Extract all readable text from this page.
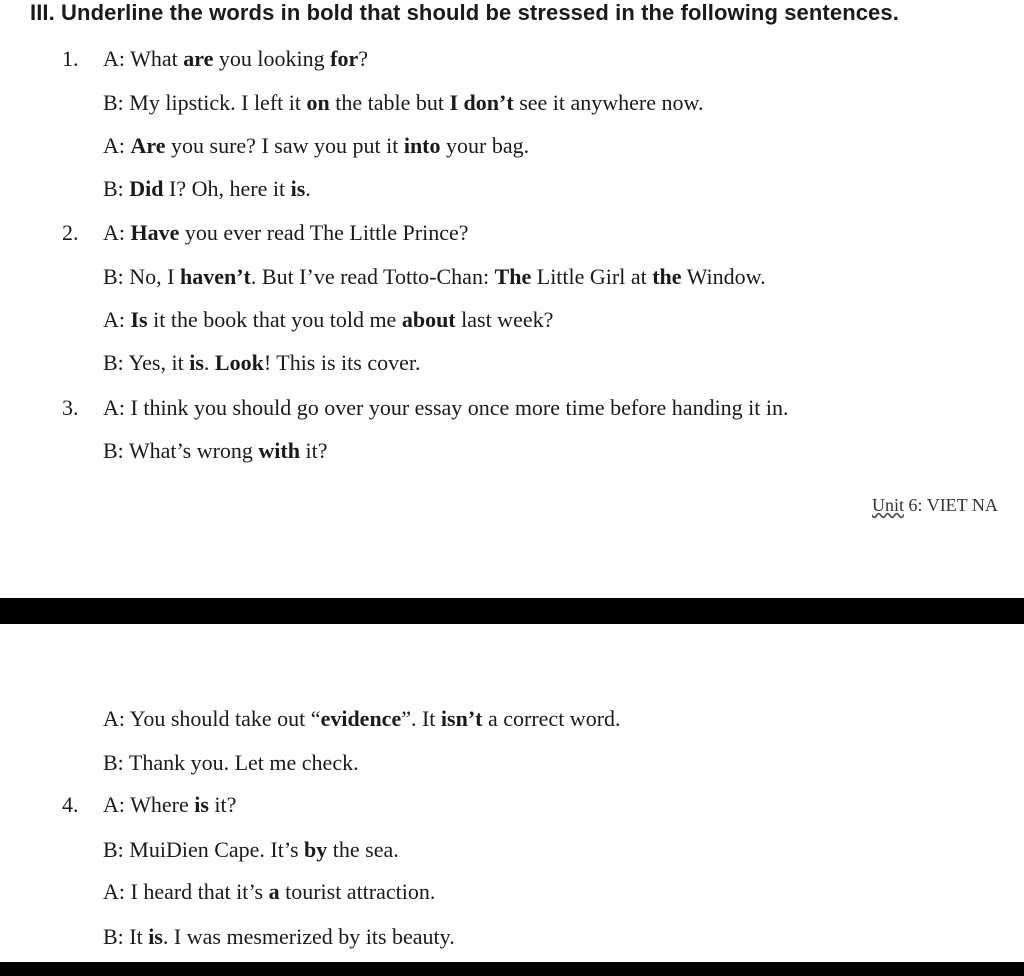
III. Underline the words in bold that should be stressed in the following sentences.
1. A: What are you looking for?
B: My lipstick. I left it on the table but I don’t see it anywhere now.
A: Are you sure? I saw you put it into your bag.
B: Did I? Oh, here it is.
2. A: Have you ever read The Little Prince?
B: No, I haven’t. But I’ve read Totto-Chan: The Little Girl at the Window.
A: Is it the book that you told me about last week?
B: Yes, it is. Look! This is its cover.
3. A: I think you should go over your essay once more time before handing it in.
B: What’s wrong with it?
Unit 6: VIET NA
A: You should take out “evidence”. It isn’t a correct word.
B: Thank you. Let me check.
4. A: Where is it?
B: MuiDien Cape. It’s by the sea.
A: I heard that it’s a tourist attraction.
B: It is. I was mesmerized by its beauty.
